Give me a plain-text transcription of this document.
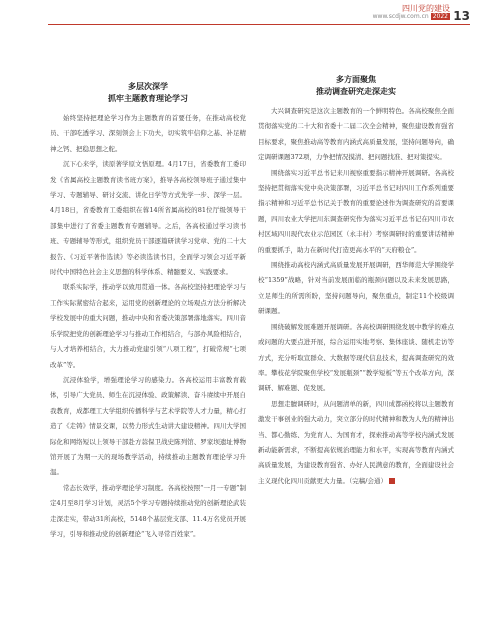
四川党的建设
www.scdjw.com.cn 2022 13
多层次深学
抓牢主题教育理论学习

始终坚持把理论学习作为主题教育的首要任务，在推动高校党员、干部吃透学习、深刻领会上下功夫，切实筑牢信仰之基、补足精神之钙、把稳思想之舵。

沉下心来学，读原著学原文悟原理。4月17日，省委教育工委印发《省属高校主题教育读书班方案》，推导各高校领导班子通过集中学习、专题辅导、研讨交流、讲化日学等方式先学一步、深学一层。4月18日，省委教育工委组织在蓉14所省属高校的81位厅级领导干部集中进行了省委主题教育专题辅导。之后，各高校通过学习读书班、专题辅导等形式，组织党员干部逐篇研读学习党章、党的二十大报告、《习近平著作选读》等必读选读书目，全面学习领会习近平新时代中国特色社会主义思想的科学体系、精髓要义、实践要求。

联系实际学，推动学以致用贯通一体。各高校坚持把理论学习与工作实际紧密结合起来，运用党的创新理论的立场观点方法分析解决学校发展中的重大问题，推动中央和省委决策部署落地落实。四川音乐学院把党的创新理论学习与推动工作相结合，与部办风险相结合，与人才培养相结合，大力推动党建引领“八项工程”，打破常规“七项改革”等。

沉浸体验学，增强理论学习的感染力。各高校运用丰富教育载体，引导广大党员、师生在沉浸体验、政策解读、奋斗赓续中开展自我教育，成都理工大学组织传播科学与艺术学院等人才力量，精心打造了《走铸》情景交课，以势力形式生动讲大建设精神。四川大学国际化和网络短以上领导干部赴方蒜保卫战史陈列馆、罗家坝遗址博物馆开展了为期一天的现场教学活动，持续推动主题教育理论学习升温。

常态长效学，推动学理论学习制度。各高校按照“一月一专题”制定4月至8月学习计划，灵活5个学习专题持续推动党的创新理论武装走深走实，带动31所高校，5148个基层党支部、11.4万名党员开展学习，引导和推动党的创新理论“飞入寻常百姓家”。

多方面聚焦
推动调查研究走深走实

大兴调查研究是这次主题教育的一个鲜明特色。各高校聚焦全面贯彻落实党的二十大和省委十二届二次全会精神，聚焦建设教育强省目标要求，聚焦推动高等教育内涵式高质量发展，坚持问题导向，确定调研课题372项，力争把情况摸清、把问题找准、把对策提实。

围绕落实习近平总书记来川视察重要指示精神开展调研。各高校坚持把贯彻落实党中央决策部署，习近平总书记对四川工作系列重要指示精神和习近平总书记关于教育的重要论述作为调查研究的首要课题，四川农业大学把川东调查研究作为落实习近平总书记在四川市农村区域四川现代农业示范园区（永丰村）考察调研时的重要讲话精神的重要抓手，助力在新时代打造更高水平的“天府粮仓”。

围绕推动高校内涵式高质量发展开展调研，西华师范大学围绕学校“1359”战略，针对当前发展面临的瓶颈问题以及未来发展思路，立足师生的所需所盼，坚持问题导向，聚焦重点，制定11个校级调研课题。

围绕破解发展难题开展调研。各高校调研围绕发展中教学的难点或问题的大要点进开展，综合运用实地考察、集体座谈、随机走访等方式，充分听取宣群众、大数据等现代信息技术，提高调查研究的效率。攀枝花学院聚焦学校“发展瓶颈”“教学短板”等五个改革方向，深调研、解难题、促发展。

思想走膻调研时，从问题清单的新，四川成都函校将以主题教育激发干事创业的强大动力，突立部分的时代精神和教为人先的精神出当、都心勤练、为党育人、为国育才，探索推动高等学校内涵式发展新动能新需求，不断提高依规治理能力和水平，实现高等教育内涵式高质量发展，为建设教育强省、办好人民满意的教育，全面建设社会主义现代化四川贡献更大力量。（完稿/会通）
